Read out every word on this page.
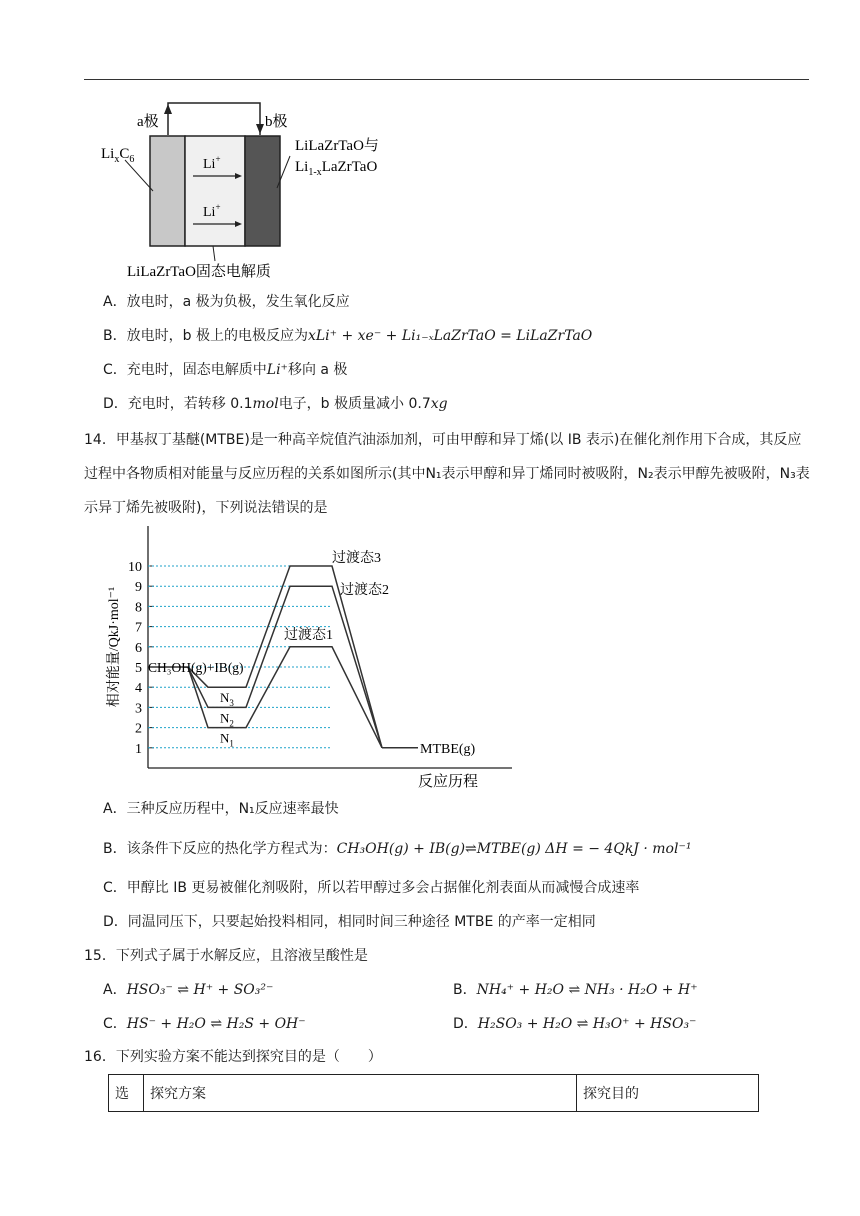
a极	b极
$Li_xC_6$
LiLaZrTaO与
$Li_{1-x}LaZrTaO$
Li+
Li+
LiLaZrTaO固态电解质
A．放电时，a 极为负极，发生氧化反应
B．放电时，b 极上的电极反应为xLi⁺ + xe⁻ + Li₁₋ₓLaZrTaO = LiLaZrTaO
C．充电时，固态电解质中Li⁺移向 a 极
D．充电时，若转移 0.1mol电子，b 极质量减小 0.7xg
14．甲基叔丁基醚(MTBE)是一种高辛烷值汽油添加剂，可由甲醇和异丁烯(以 IB 表示)在催化剂作用下合成，其反应过程中各物质相对能量与反应历程的关系如图所示(其中N₁表示甲醇和异丁烯同时被吸附，N₂表示甲醇先被吸附，N₃表示异丁烯先被吸附)，下列说法错误的是
1
2
3
4
5
6
7
8
9
10
$N_1$
过渡态1
$N_2$
过渡态2
$N_3$
过渡态3
CH₃OH(g)+IB(g)
MTBE(g)
反应历程
相对能量/QkJ·mol⁻¹
A．三种反应历程中，N₁反应速率最快
B．该条件下反应的热化学方程式为：CH₃OH(g) + IB(g)⇌MTBE(g) ΔH = − 4QkJ · mol⁻¹
C．甲醇比 IB 更易被催化剂吸附，所以若甲醇过多会占据催化剂表面从而减慢合成速率
D．同温同压下，只要起始投料相同，相同时间三种途径 MTBE 的产率一定相同
15．下列式子属于水解反应，且溶液呈酸性是
A．HSO₃⁻ ⇌ H⁺ + SO₃²⁻	B．NH₄⁺ + H₂O ⇌ NH₃ · H₂O + H⁺
C．HS⁻ + H₂O ⇌ H₂S + OH⁻	D．H₂SO₃ + H₂O ⇌ H₃O⁺ + HSO₃⁻
16．下列实验方案不能达到探究目的是（　　）
选	探究方案	探究目的
